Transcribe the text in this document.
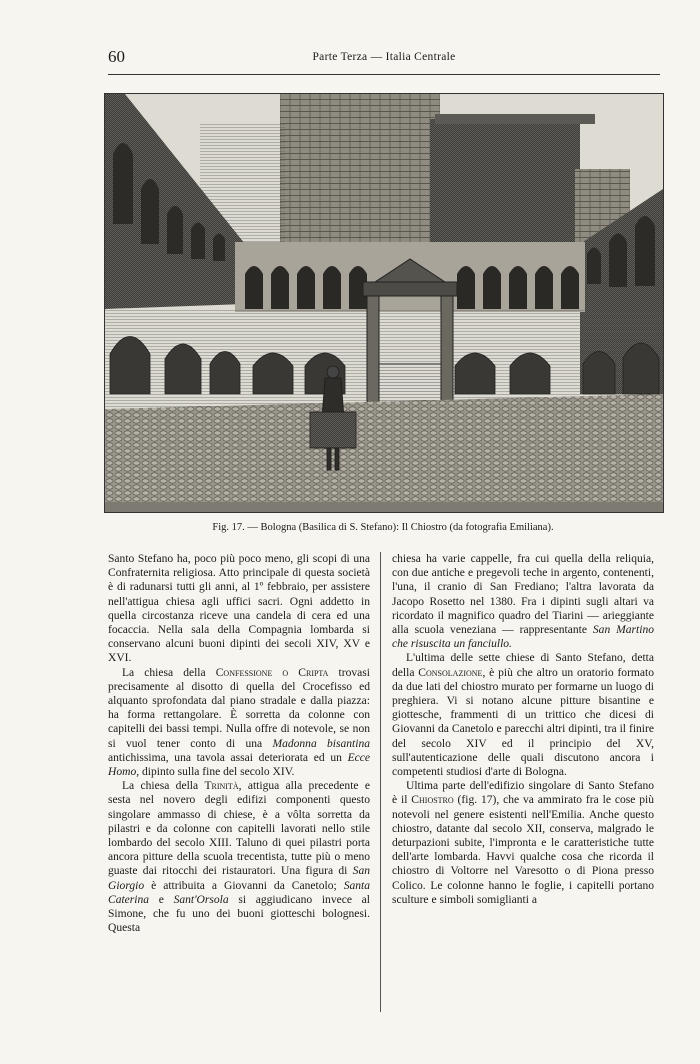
60	Parte Terza — Italia Centrale
Fig. 17. — Bologna (Basilica di S. Stefano): Il Chiostro (da fotografia Emiliana).

Santo Stefano ha, poco più poco meno, gli scopi di una Confraternita religiosa. Atto principale di questa società è di radunarsi tutti gli anni, al 1º febbraio, per assistere nell'attigua chiesa agli uffici sacri. Ogni addetto in quella circostanza riceve una candela di cera ed una focaccia. Nella sala della Compagnia lombarda si conservano alcuni buoni dipinti dei secoli XIV, XV e XVI.

La chiesa della Confessione o Cripta trovasi precisamente al disotto di quella del Crocefisso ed alquanto sprofondata dal piano stradale e dalla piazza: ha forma rettangolare. È sorretta da colonne con capitelli dei bassi tempi. Nulla offre di notevole, se non si vuol tener conto di una Madonna bisantina antichissima, una tavola assai deteriorata ed un Ecce Homo, dipinto sulla fine del secolo XIV.

La chiesa della Trinità, attigua alla precedente e sesta nel novero degli edifizi componenti questo singolare ammasso di chiese, è a vôlta sorretta da pilastri e da colonne con capitelli lavorati nello stile lombardo del secolo XIII. Taluno di quei pilastri porta ancora pitture della scuola trecentista, tutte più o meno guaste dai ritocchi dei ristauratori. Una figura di San Giorgio è attribuita a Giovanni da Canetolo; Santa Caterina e Sant'Orsola si aggiudicano invece al Simone, che fu uno dei buoni giotteschi bolognesi. Questa

chiesa ha varie cappelle, fra cui quella della reliquia, con due antiche e pregevoli teche in argento, contenenti, l'una, il cranio di San Frediano; l'altra lavorata da Jacopo Rosetto nel 1380. Fra i dipinti sugli altari va ricordato il magnifico quadro del Tiarini — arieggiante alla scuola veneziana — rappresentante San Martino che risuscita un fanciullo.

L'ultima delle sette chiese di Santo Stefano, detta della Consolazione, è più che altro un oratorio formato da due lati del chiostro murato per formarne un luogo di preghiera. Vi si notano alcune pitture bisantine e giottesche, frammenti di un trittico che dicesi di Giovanni da Canetolo e parecchi altri dipinti, tra il finire del secolo XIV ed il principio del XV, sull'autenticazione delle quali discutono ancora i competenti studiosi d'arte di Bologna.

Ultima parte dell'edifizio singolare di Santo Stefano è il Chiostro (fig. 17), che va ammirato fra le cose più notevoli nel genere esistenti nell'Emilia. Anche questo chiostro, datante dal secolo XII, conserva, malgrado le deturpazioni subite, l'impronta e le caratteristiche tutte dell'arte lombarda. Havvi qualche cosa che ricorda il chiostro di Voltorre nel Varesotto o di Piona presso Colico. Le colonne hanno le foglie, i capitelli portano sculture e simboli somiglianti a
